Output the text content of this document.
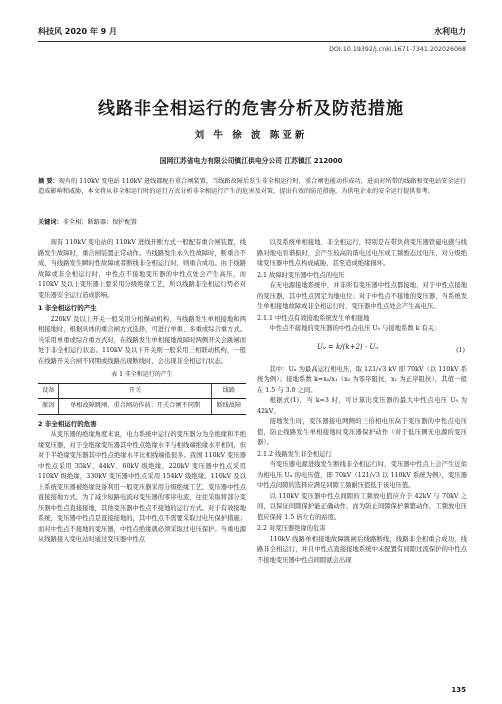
科技风 2020 年 9 月	水利电力
DOI:10.19392/j.cnki.1671-7341.202026068
线路非全相运行的危害分析及防范措施
刘 牛 徐 波 陈亚新
国网江苏省电力有限公司镇江供电分公司 江苏镇江 212000
摘 要：现有的 110kV 变电站 110kV 进线都配有重合闸装置，当线路故障后发生非全相运行时，重合闸也能动作成功，进而对所带的线路和变电站安全运行造成影响和威胁，本文将从非全相运行时的运行方式分析非全相运行产生的危害及对策，提出有效的防范措施，为供电企业的安全运行提供参考。
关键词：非全相；断路器；保护配置

现有 110kV 变电站的 110kV 进线开断方式一般配有重合闸装置，线路发生故障时，重合闸装置正常动作。当线路发生永久性故障时，断重合不成，当线路发生瞬时性故障或者断线非全相运行时，则重合成功。由于线路故障或非全相运行时，中性点不接地变压器的中性点处会产生高压，而 110kV 及以上变压器上要采用分级绝缘工艺，所以线路非全相运行势必对变压器安全运行造成影响。

1 非全相运行的产生

220kV 及以上开关一般采用分相操动机构，当线路发生单相接地和两相接地时，根据具体的重合闸方式选择，可进行单重、多重或综合重方式。当采用单重或综合重方式时，在线路发生单相接地故障时两侧开关会跳闸而处于非全相运行状态。110kV 及以下开关则一般采用三相联动机构，一般在线路开关合闸不同期或线路出现断线时，会出现非全相运行状态。

表 1 非全相运行的产生
设备	开关	线路
原因	单相故障跳闸、重合闸动作前；开关合闸不同期	断线故障
2 非全相运行的危害

从变压器的绝缘角度来说，电力系统中运行的变压器分为全绝缘和半绝缘变压器，对于全绝缘变压器其中性点绝缘水平与相线端绝缘水平相同，但对于半绝缘变压器其中性点绝缘水平比相线端低很多。我国 110kV 变压器中性点采用 35kV、44kV、60kV 级绝缘，220kV 变压器中性点采用 110kV 级绝缘，330kV 变压器中性点采用 154kV 级绝缘。110kV 及以上系统变压器被绝缘设备利用一般变压器采用分级绝缘工艺，变压器中性点直接接地方式，为了减少短路电流对变压器的零序电流，往往采取将部分变压器中性点直接接地，其他变压器中性点不接地的运行方式。对于有效接地系统，变压器中性点是直接接地的，其中性点不需要采取过电压保护措施；而对中性点不接地的变压器，中性点绝缘就必须采取过电压保护。当重电源从线路接入变电站时通过变压器中性点

以及系统单相接地、非全相运行，特别是在带负荷变压器铁磁电感与线路对地电容谐振时，会产生较高的谐电过电压或工频暂态过电压，对分级绝缘变压器中性点构成威胁，甚至造成绝缘损坏。

2.1 故障时变压器中性点的电压

在无电源接地系统中，并非所有变压器中性点都接地，对于中性点接地的变压器，其中性点固定为地电位；对于中性点不接地的变压器，当系统发生单相接地故障或非全相运行时，变压器中性点处会产生高电压。

2.1.1 中性点有效接地系统发生单相接地

中性点不接地的变压器的中性点电压 U₀ 与接地系数 k 有关：

U₀ = k/(k+2) · Uₙ	(1)

其中：Uₙ 为最高运行相电压，取 121/√3 kV 即 70kV（以 110kV 系统为例）；接地系数 k=x₀/x₁（x₀ 为零序阻抗，x₁ 为正序阻抗），其值一般在 1.5 与 3.0 之间。

根据式(1)，当 k=3 时，可计算出变压器的最大中性点电压 U₀ 为 42kV。

接地发生时，变压器接电网侧的三倍相电压高于变压器的中性点电压值，防止线路发生单相接地时变压器保护动作（对于低压侧无电源的变压器）。

2.1.2 线路发生非全相运行

当变压器电源进线发生断线非全相运行时，变压器中性点上会产生近似为相电压 Uₙ 的电压值，即 70kV（121/√3 以 110kV 系统为例），变压器中性点间隙的选择应满足同隙工频耐压值低于该电压值。

以 110kV 变压器中性点间隙的工频放电值应介于 42kV 与 70kV 之间，以保证间隙保护能正确动作，而为防止间隙保护频繁动作，工频放电压值应保持 1.5 倍左右的裕度。

2.2 对变压器绝缘的危害

110kV 线路单相接地故障跳闸后线路断线，线路非全相重合成功，线路非全相运行，并且中性点直接接地系统中未配置有间隙过流保护的中性点不接地变压器中性点间隙就会出现

135
